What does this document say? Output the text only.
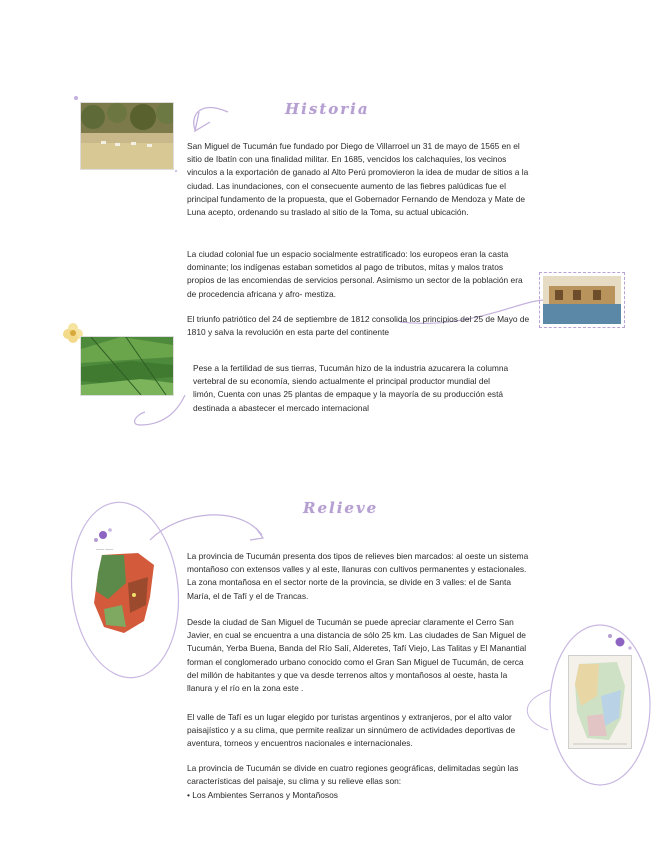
Historia

San Miguel de Tucumán fue fundado por Diego de Villarroel un 31 de mayo de 1565 en el sitio de Ibatín con una finalidad militar. En 1685, vencidos los calchaquíes, los vecinos vinculos a la exportación de ganado al Alto Perú promovieron la idea de mudar de sitios a la ciudad. Las inundaciones, con el consecuente aumento de las fiebres palúdicas fue el principal fundamento de la propuesta, que el Gobernador Fernando de Mendoza y Mate de Luna acepto, ordenando su traslado al sitio de la Toma, su actual ubicación.

La ciudad colonial fue un espacio socialmente estratificado: los europeos eran la casta dominante; los indígenas estaban sometidos al pago de tributos, mitas y malos tratos propios de las encomiendas de servicios personal. Asimismo un sector de la población era de procedencia africana y afro- mestiza.

El triunfo patriótico del 24 de septiembre de 1812 consolida los principios del 25 de Mayo de 1810 y salva la revolución en esta parte del continente

Pese a la fertilidad de sus tierras, Tucumán hizo de la industria azucarera la columna vertebral de su economía, siendo actualmente el principal productor mundial del limón, Cuenta con unas 25 plantas de empaque y la mayoría de su producción está destinada a abastecer el mercado internacional

Relieve
—— ——

La provincia de Tucumán presenta dos tipos de relieves bien marcados: al oeste un sistema montañoso con extensos valles y al este, llanuras con cultivos permanentes y estacionales. La zona montañosa en el sector norte de la provincia, se divide en 3 valles: el de Santa María, el de Tafí y el de Trancas.

Desde la ciudad de San Miguel de Tucumán se puede apreciar claramente el Cerro San Javier, en cual se encuentra a una distancia de sólo 25 km. Las ciudades de San Miguel de Tucumán, Yerba Buena, Banda del Río Salí, Alderetes, Tafí Viejo, Las Talitas y El Manantial forman el conglomerado urbano conocido como el Gran San Miguel de Tucumán, de cerca del millón de habitantes y que va desde terrenos altos y montañosos al oeste, hasta la llanura y el río en la zona este .

El valle de Tafí es un lugar elegido por turistas argentinos y extranjeros, por el alto valor paisajístico y a su clima, que permite realizar un sinnúmero de actividades deportivas de aventura, torneos y encuentros nacionales e internacionales.

La provincia de Tucumán se divide en cuatro regiones geográficas, delimitadas según las características del paisaje, su clima y su relieve ellas son:

• Los Ambientes Serranos y Montañosos
